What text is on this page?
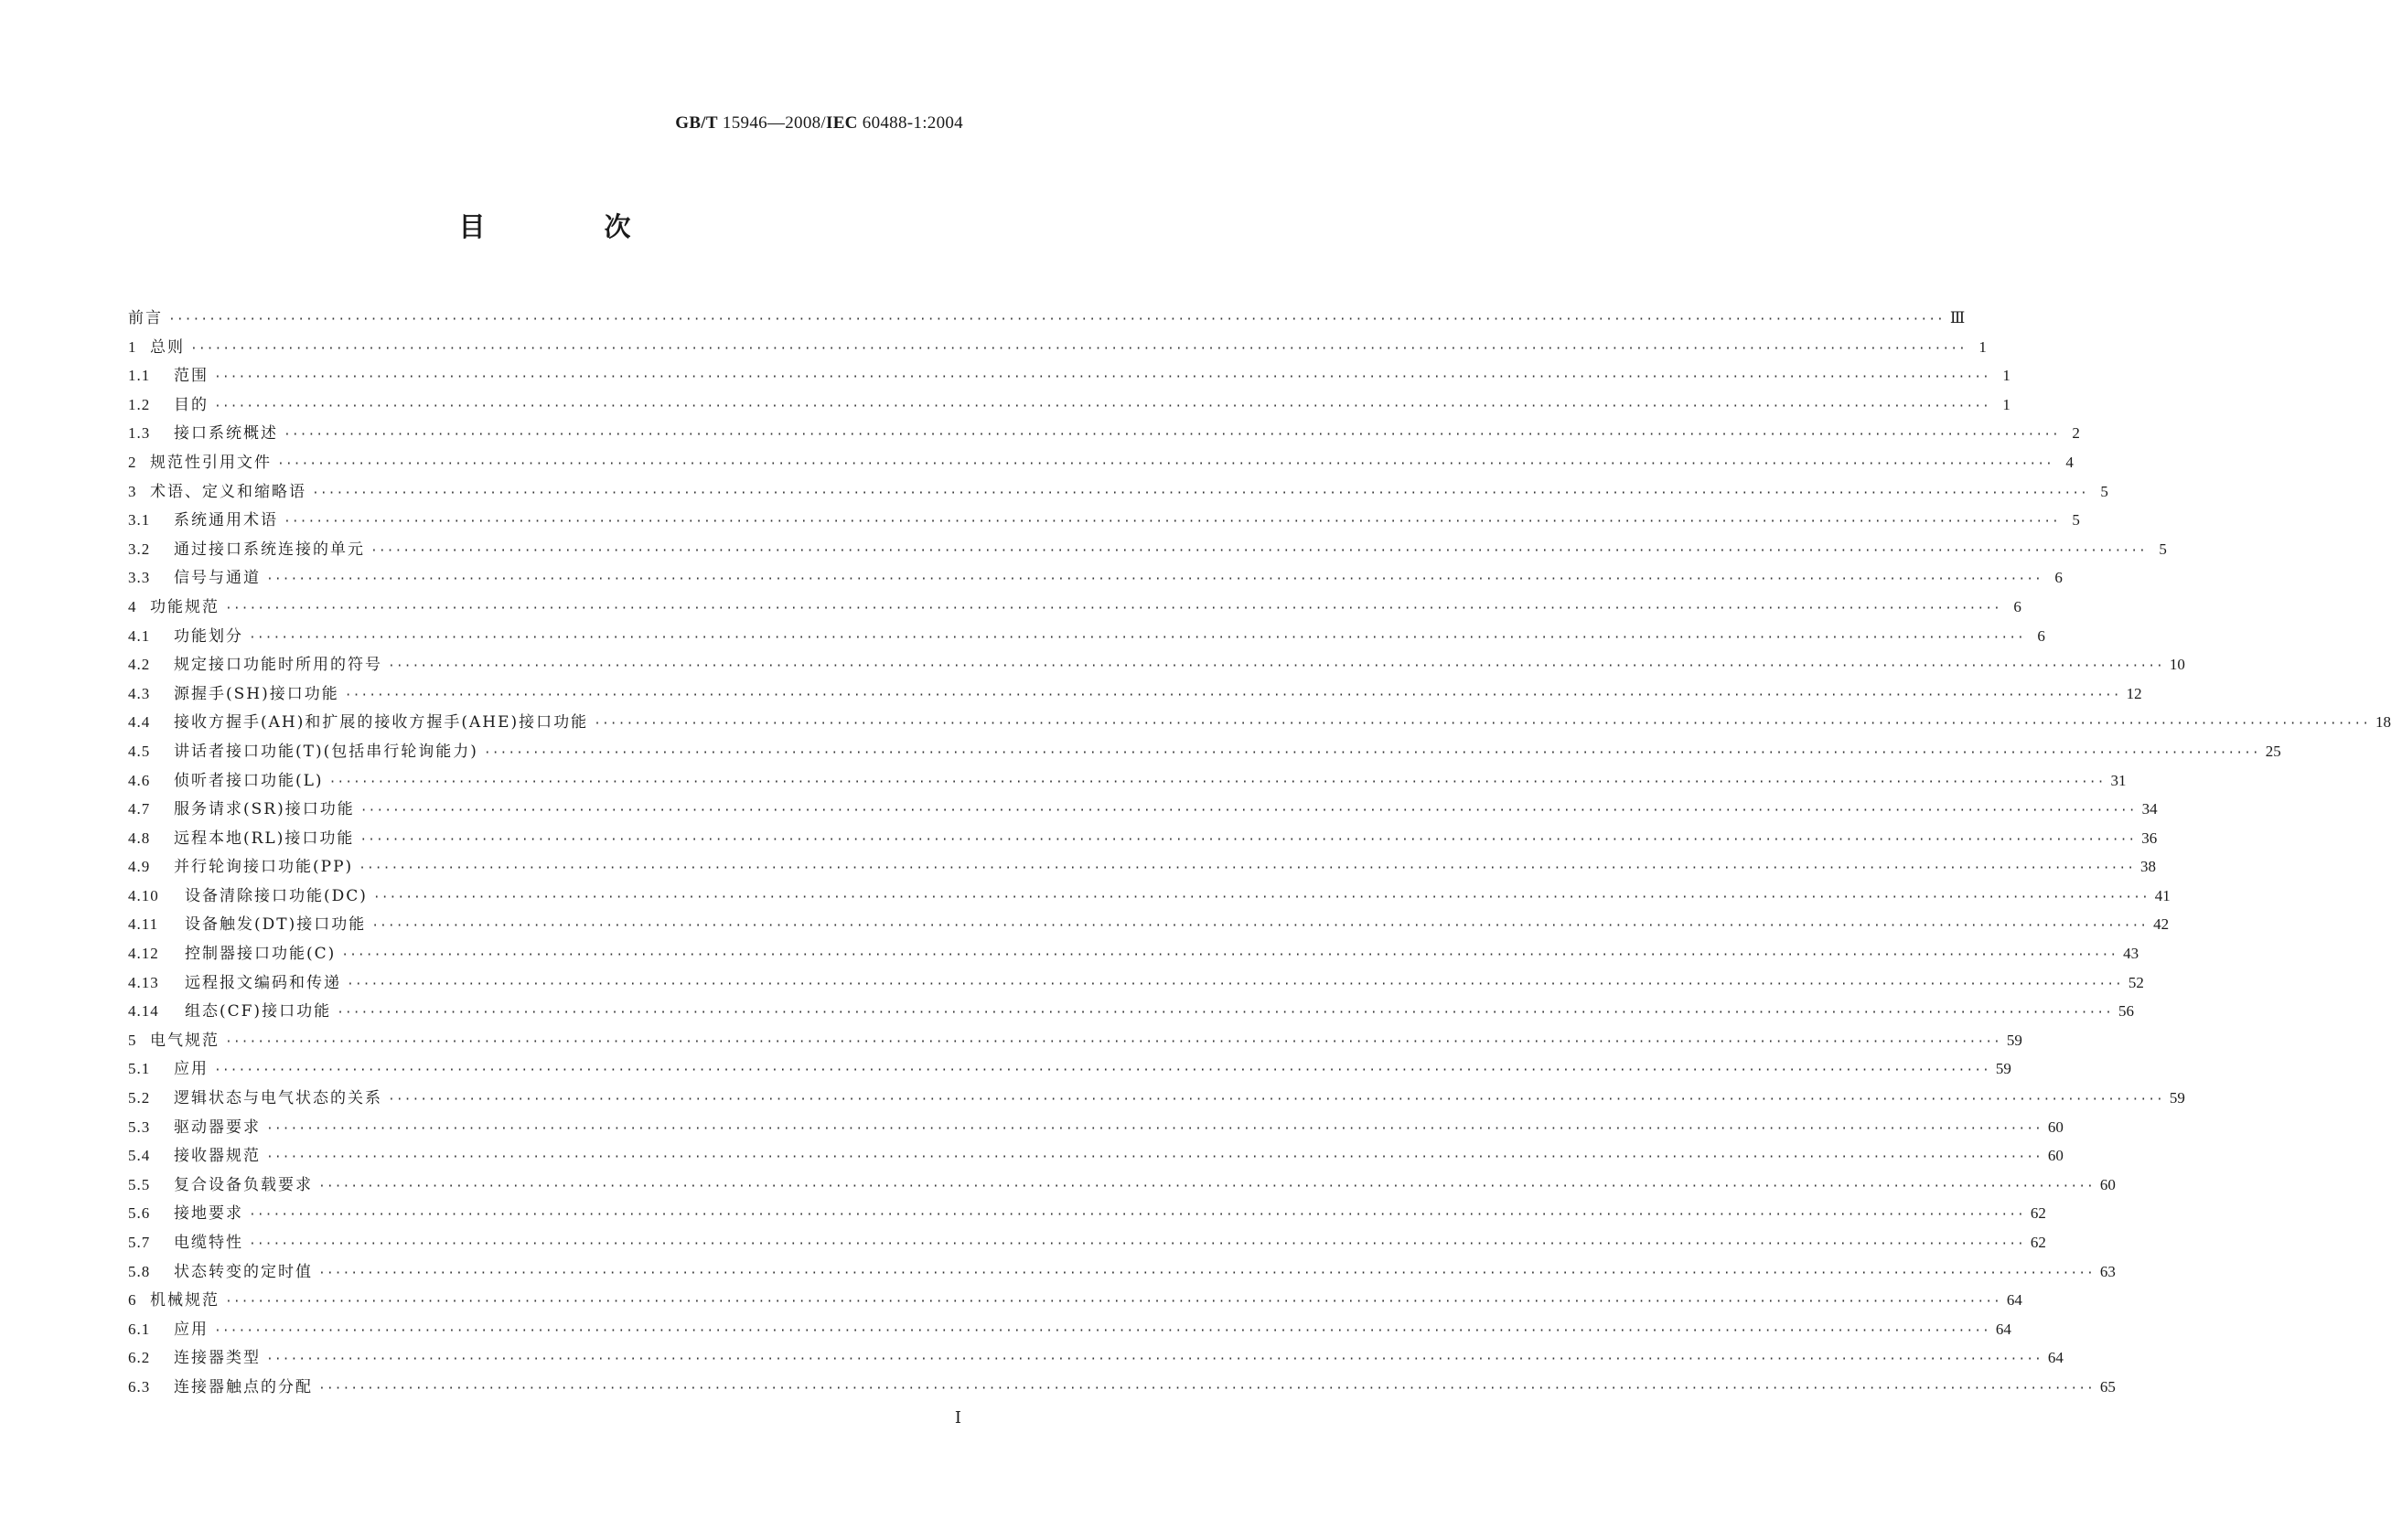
GB/T 15946—2008/IEC 60488-1:2004
目 次
前言 ···························································································································································································································· Ⅲ
1 总则 ···························································································································································································································· 1
1.1	范围 ···························································································································································································································· 1
1.2	目的 ···························································································································································································································· 1
1.3	接口系统概述 ···························································································································································································································· 2
2 规范性引用文件 ···························································································································································································································· 4
3 术语、定义和缩略语 ···························································································································································································································· 5
3.1	系统通用术语 ···························································································································································································································· 5
3.2	通过接口系统连接的单元 ···························································································································································································································· 5
3.3	信号与通道 ···························································································································································································································· 6
4 功能规范 ···························································································································································································································· 6
4.1	功能划分 ···························································································································································································································· 6
4.2	规定接口功能时所用的符号 ···························································································································································································································· 10
4.3	源握手(SH)接口功能 ···························································································································································································································· 12
4.4	接收方握手(AH)和扩展的接收方握手(AHE)接口功能 ···························································································································································································································· 18
4.5	讲话者接口功能(T)(包括串行轮询能力) ···························································································································································································································· 25
4.6	侦听者接口功能(L) ···························································································································································································································· 31
4.7	服务请求(SR)接口功能 ···························································································································································································································· 34
4.8	远程本地(RL)接口功能 ···························································································································································································································· 36
4.9	并行轮询接口功能(PP) ···························································································································································································································· 38
4.10	设备清除接口功能(DC) ···························································································································································································································· 41
4.11	设备触发(DT)接口功能 ···························································································································································································································· 42
4.12	控制器接口功能(C) ···························································································································································································································· 43
4.13	远程报文编码和传递 ···························································································································································································································· 52
4.14	组态(CF)接口功能 ···························································································································································································································· 56
5 电气规范 ···························································································································································································································· 59
5.1	应用 ···························································································································································································································· 59
5.2	逻辑状态与电气状态的关系 ···························································································································································································································· 59
5.3	驱动器要求 ···························································································································································································································· 60
5.4	接收器规范 ···························································································································································································································· 60
5.5	复合设备负载要求 ···························································································································································································································· 60
5.6	接地要求 ···························································································································································································································· 62
5.7	电缆特性 ···························································································································································································································· 62
5.8	状态转变的定时值 ···························································································································································································································· 63
6 机械规范 ···························································································································································································································· 64
6.1	应用 ···························································································································································································································· 64
6.2	连接器类型 ···························································································································································································································· 64
6.3	连接器触点的分配 ···························································································································································································································· 65
Ⅰ
